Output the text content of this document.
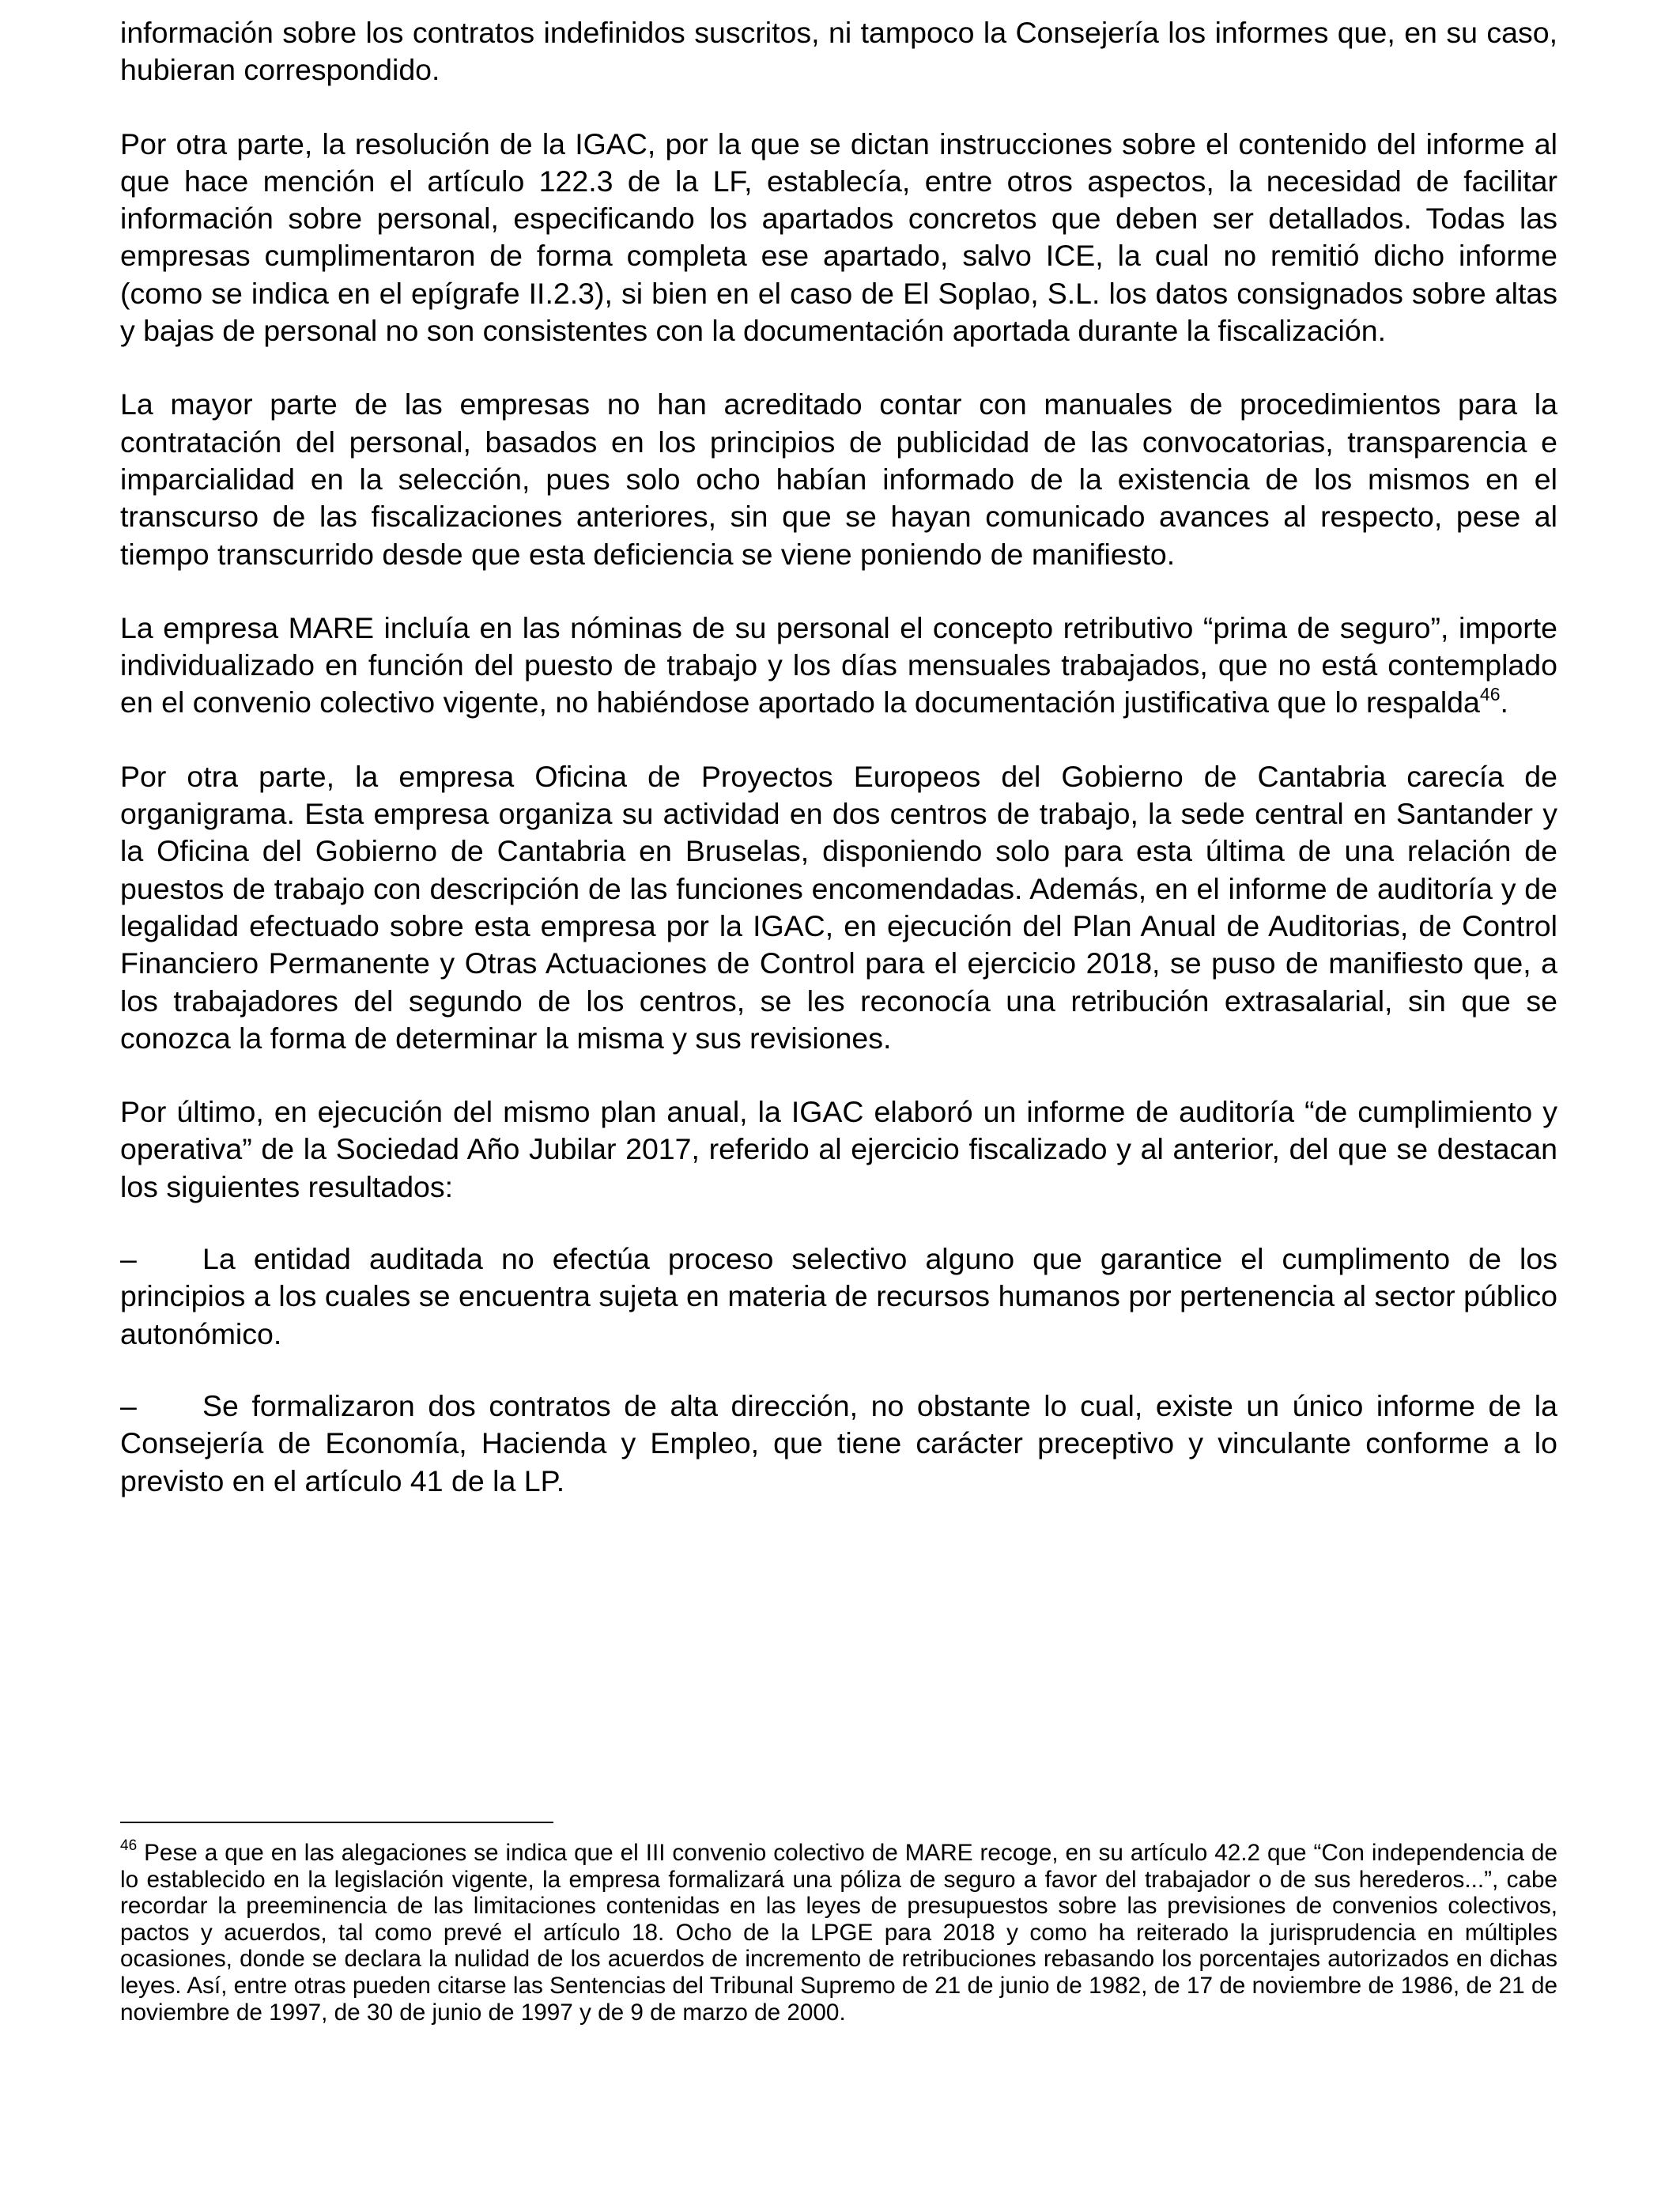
información sobre los contratos indefinidos suscritos, ni tampoco la Consejería los informes que, en su caso, hubieran correspondido.

Por otra parte, la resolución de la IGAC, por la que se dictan instrucciones sobre el contenido del informe al que hace mención el artículo 122.3 de la LF, establecía, entre otros aspectos, la necesidad de facilitar información sobre personal, especificando los apartados concretos que deben ser detallados. Todas las empresas cumplimentaron de forma completa ese apartado, salvo ICE, la cual no remitió dicho informe (como se indica en el epígrafe II.2.3), si bien en el caso de El Soplao, S.L. los datos consignados sobre altas y bajas de personal no son consistentes con la documentación aportada durante la fiscalización.

La mayor parte de las empresas no han acreditado contar con manuales de procedimientos para la contratación del personal, basados en los principios de publicidad de las convocatorias, transparencia e imparcialidad en la selección, pues solo ocho habían informado de la existencia de los mismos en el transcurso de las fiscalizaciones anteriores, sin que se hayan comunicado avances al respecto, pese al tiempo transcurrido desde que esta deficiencia se viene poniendo de manifiesto.

La empresa MARE incluía en las nóminas de su personal el concepto retributivo “prima de seguro”, importe individualizado en función del puesto de trabajo y los días mensuales trabajados, que no está contemplado en el convenio colectivo vigente, no habiéndose aportado la documentación justificativa que lo respalda$^{46}$.

Por otra parte, la empresa Oficina de Proyectos Europeos del Gobierno de Cantabria carecía de organigrama. Esta empresa organiza su actividad en dos centros de trabajo, la sede central en Santander y la Oficina del Gobierno de Cantabria en Bruselas, disponiendo solo para esta última de una relación de puestos de trabajo con descripción de las funciones encomendadas. Además, en el informe de auditoría y de legalidad efectuado sobre esta empresa por la IGAC, en ejecución del Plan Anual de Auditorias, de Control Financiero Permanente y Otras Actuaciones de Control para el ejercicio 2018, se puso de manifiesto que, a los trabajadores del segundo de los centros, se les reconocía una retribución extrasalarial, sin que se conozca la forma de determinar la misma y sus revisiones.

Por último, en ejecución del mismo plan anual, la IGAC elaboró un informe de auditoría “de cumplimiento y operativa” de la Sociedad Año Jubilar 2017, referido al ejercicio fiscalizado y al anterior, del que se destacan los siguientes resultados:

– La entidad auditada no efectúa proceso selectivo alguno que garantice el cumplimento de los principios a los cuales se encuentra sujeta en materia de recursos humanos por pertenencia al sector público autonómico.

– Se formalizaron dos contratos de alta dirección, no obstante lo cual, existe un único informe de la Consejería de Economía, Hacienda y Empleo, que tiene carácter preceptivo y vinculante conforme a lo previsto en el artículo 41 de la LP.

$^{46}$ Pese a que en las alegaciones se indica que el III convenio colectivo de MARE recoge, en su artículo 42.2 que “Con independencia de lo establecido en la legislación vigente, la empresa formalizará una póliza de seguro a favor del trabajador o de sus herederos...”, cabe recordar la preeminencia de las limitaciones contenidas en las leyes de presupuestos sobre las previsiones de convenios colectivos, pactos y acuerdos, tal como prevé el artículo 18. Ocho de la LPGE para 2018 y como ha reiterado la jurisprudencia en múltiples ocasiones, donde se declara la nulidad de los acuerdos de incremento de retribuciones rebasando los porcentajes autorizados en dichas leyes. Así, entre otras pueden citarse las Sentencias del Tribunal Supremo de 21 de junio de 1982, de 17 de noviembre de 1986, de 21 de noviembre de 1997, de 30 de junio de 1997 y de 9 de marzo de 2000.
